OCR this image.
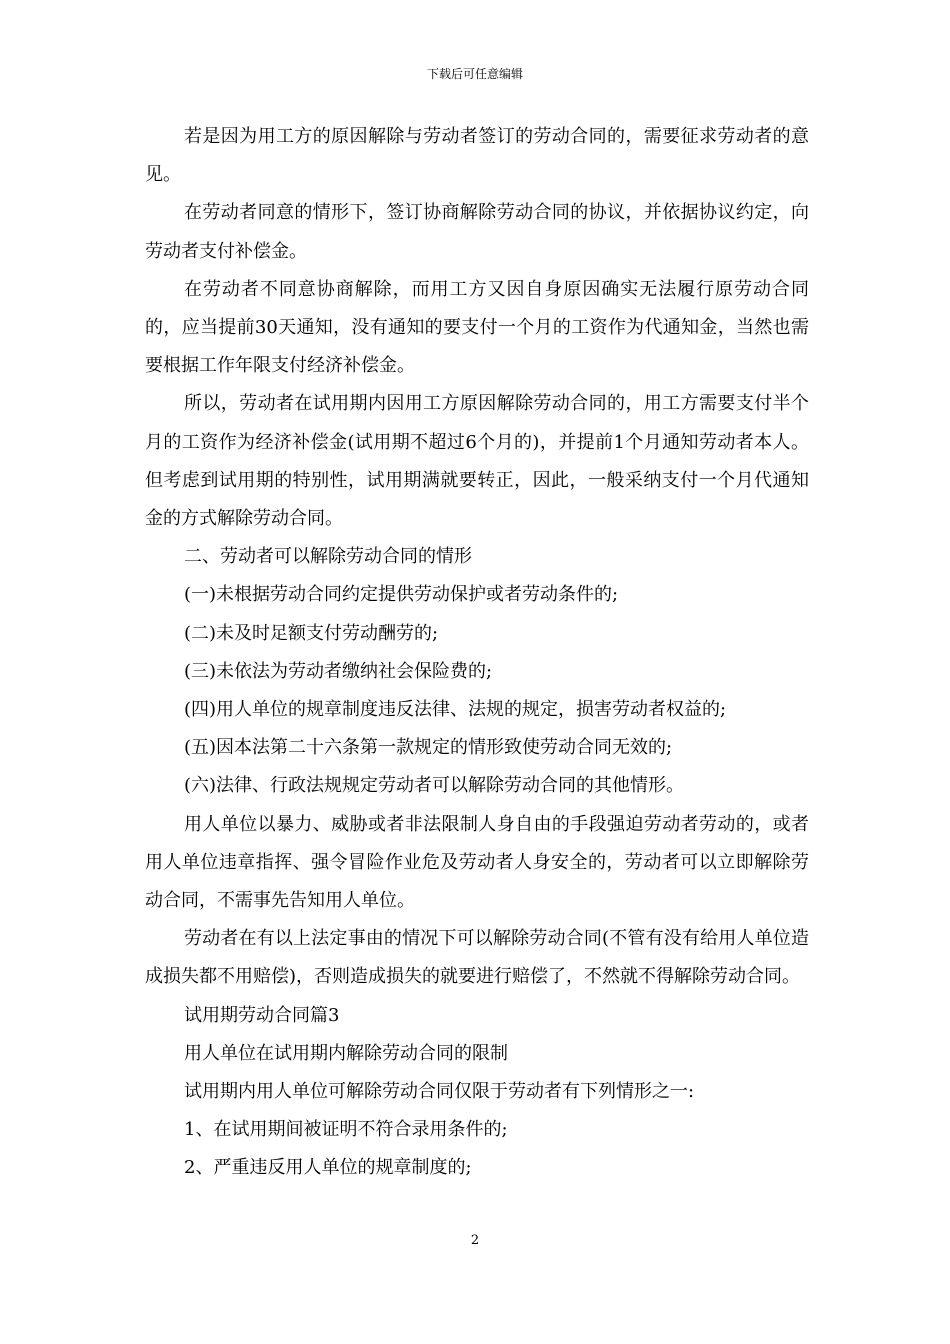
下载后可任意编辑

若是因为用工方的原因解除与劳动者签订的劳动合同的，需要征求劳动者的意见。

在劳动者同意的情形下，签订协商解除劳动合同的协议，并依据协议约定，向劳动者支付补偿金。

在劳动者不同意协商解除，而用工方又因自身原因确实无法履行原劳动合同的，应当提前30天通知，没有通知的要支付一个月的工资作为代通知金，当然也需要根据工作年限支付经济补偿金。

所以，劳动者在试用期内因用工方原因解除劳动合同的，用工方需要支付半个月的工资作为经济补偿金(试用期不超过6个月的)，并提前1个月通知劳动者本人。但考虑到试用期的特别性，试用期满就要转正，因此，一般采纳支付一个月代通知金的方式解除劳动合同。

二、劳动者可以解除劳动合同的情形

(一)未根据劳动合同约定提供劳动保护或者劳动条件的;

(二)未及时足额支付劳动酬劳的;

(三)未依法为劳动者缴纳社会保险费的;

(四)用人单位的规章制度违反法律、法规的规定，损害劳动者权益的;

(五)因本法第二十六条第一款规定的情形致使劳动合同无效的;

(六)法律、行政法规规定劳动者可以解除劳动合同的其他情形。

用人单位以暴力、威胁或者非法限制人身自由的手段强迫劳动者劳动的，或者用人单位违章指挥、强令冒险作业危及劳动者人身安全的，劳动者可以立即解除劳动合同，不需事先告知用人单位。

劳动者在有以上法定事由的情况下可以解除劳动合同(不管有没有给用人单位造成损失都不用赔偿)，否则造成损失的就要进行赔偿了，不然就不得解除劳动合同。

试用期劳动合同篇3

用人单位在试用期内解除劳动合同的限制

试用期内用人单位可解除劳动合同仅限于劳动者有下列情形之一:

1、在试用期间被证明不符合录用条件的;

2、严重违反用人单位的规章制度的;

2
